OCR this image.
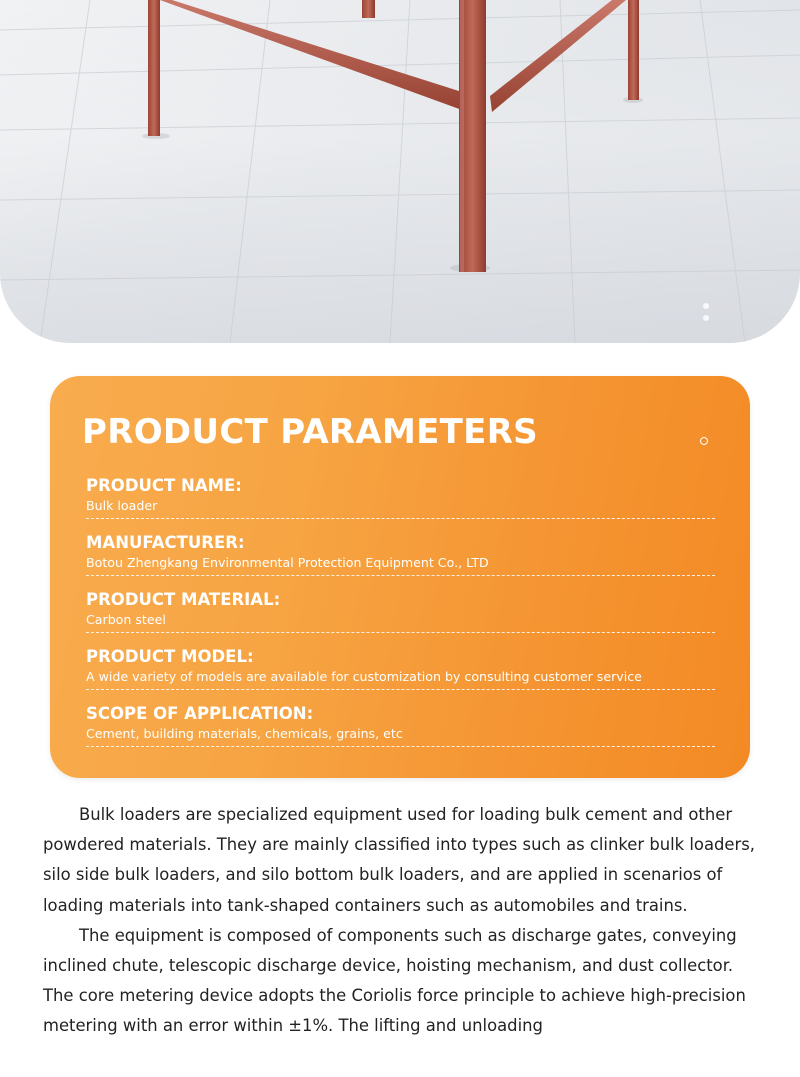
PRODUCT PARAMETERS
PRODUCT NAME:
Bulk loader
MANUFACTURER:
Botou Zhengkang Environmental Protection Equipment Co., LTD
PRODUCT MATERIAL:
Carbon steel
PRODUCT MODEL:
A wide variety of models are available for customization by consulting customer service
SCOPE OF APPLICATION:
Cement, building materials, chemicals, grains, etc

Bulk loaders are specialized equipment used for loading bulk cement and other powdered materials. They are mainly classified into types such as clinker bulk loaders, silo side bulk loaders, and silo bottom bulk loaders, and are applied in scenarios of loading materials into tank-shaped containers such as automobiles and trains.

The equipment is composed of components such as discharge gates, conveying inclined chute, telescopic discharge device, hoisting mechanism, and dust collector. The core metering device adopts the Coriolis force principle to achieve high-precision metering with an error within ±1%. The lifting and unloading
